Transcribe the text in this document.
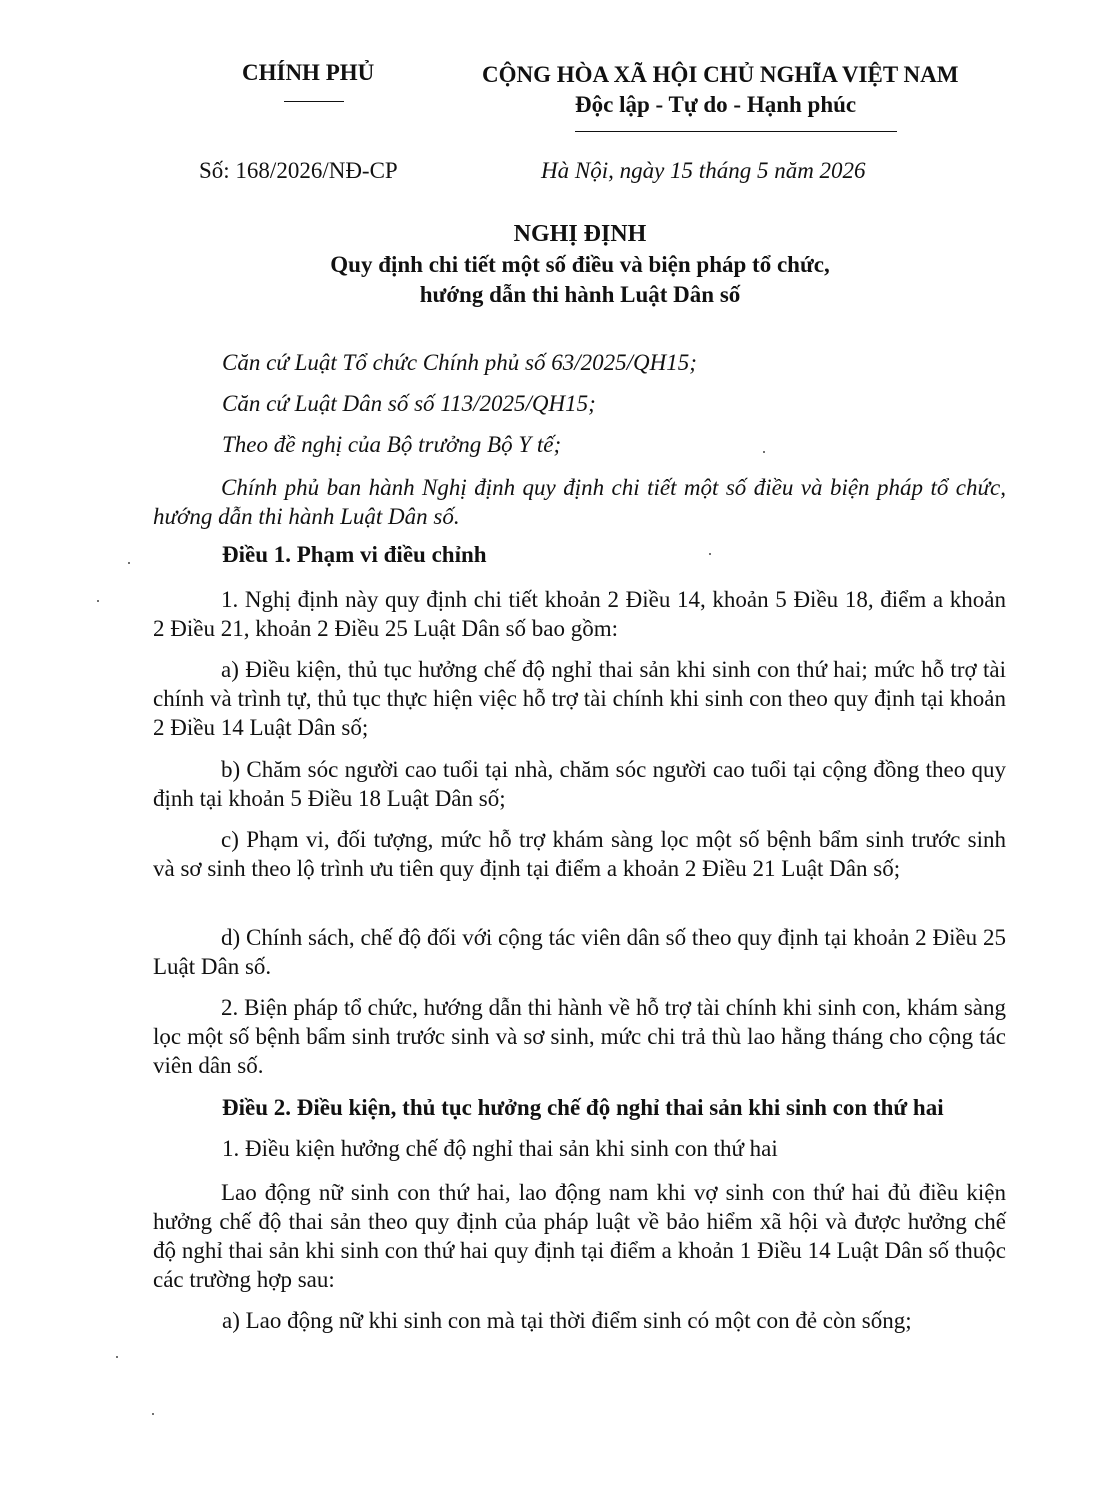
CHÍNH PHỦ	CỘNG HÒA XÃ HỘI CHỦ NGHĨA VIỆT NAM
Độc lập - Tự do - Hạnh phúc
Số: 168/2026/NĐ-CP	Hà Nội, ngày 15 tháng 5 năm 2026
NGHỊ ĐỊNH
Quy định chi tiết một số điều và biện pháp tổ chức,
hướng dẫn thi hành Luật Dân số
Căn cứ Luật Tổ chức Chính phủ số 63/2025/QH15;
Căn cứ Luật Dân số số 113/2025/QH15;
Theo đề nghị của Bộ trưởng Bộ Y tế;
Chính phủ ban hành Nghị định quy định chi tiết một số điều và biện pháp tổ chức, hướng dẫn thi hành Luật Dân số.
Điều 1. Phạm vi điều chỉnh
1. Nghị định này quy định chi tiết khoản 2 Điều 14, khoản 5 Điều 18, điểm a khoản 2 Điều 21, khoản 2 Điều 25 Luật Dân số bao gồm:
a) Điều kiện, thủ tục hưởng chế độ nghỉ thai sản khi sinh con thứ hai; mức hỗ trợ tài chính và trình tự, thủ tục thực hiện việc hỗ trợ tài chính khi sinh con theo quy định tại khoản 2 Điều 14 Luật Dân số;
b) Chăm sóc người cao tuổi tại nhà, chăm sóc người cao tuổi tại cộng đồng theo quy định tại khoản 5 Điều 18 Luật Dân số;
c) Phạm vi, đối tượng, mức hỗ trợ khám sàng lọc một số bệnh bẩm sinh trước sinh và sơ sinh theo lộ trình ưu tiên quy định tại điểm a khoản 2 Điều 21 Luật Dân số;
d) Chính sách, chế độ đối với cộng tác viên dân số theo quy định tại khoản 2 Điều 25 Luật Dân số.
2. Biện pháp tổ chức, hướng dẫn thi hành về hỗ trợ tài chính khi sinh con, khám sàng lọc một số bệnh bẩm sinh trước sinh và sơ sinh, mức chi trả thù lao hằng tháng cho cộng tác viên dân số.
Điều 2. Điều kiện, thủ tục hưởng chế độ nghỉ thai sản khi sinh con thứ hai
1. Điều kiện hưởng chế độ nghỉ thai sản khi sinh con thứ hai
Lao động nữ sinh con thứ hai, lao động nam khi vợ sinh con thứ hai đủ điều kiện hưởng chế độ thai sản theo quy định của pháp luật về bảo hiểm xã hội và được hưởng chế độ nghỉ thai sản khi sinh con thứ hai quy định tại điểm a khoản 1 Điều 14 Luật Dân số thuộc các trường hợp sau:
a) Lao động nữ khi sinh con mà tại thời điểm sinh có một con đẻ còn sống;
